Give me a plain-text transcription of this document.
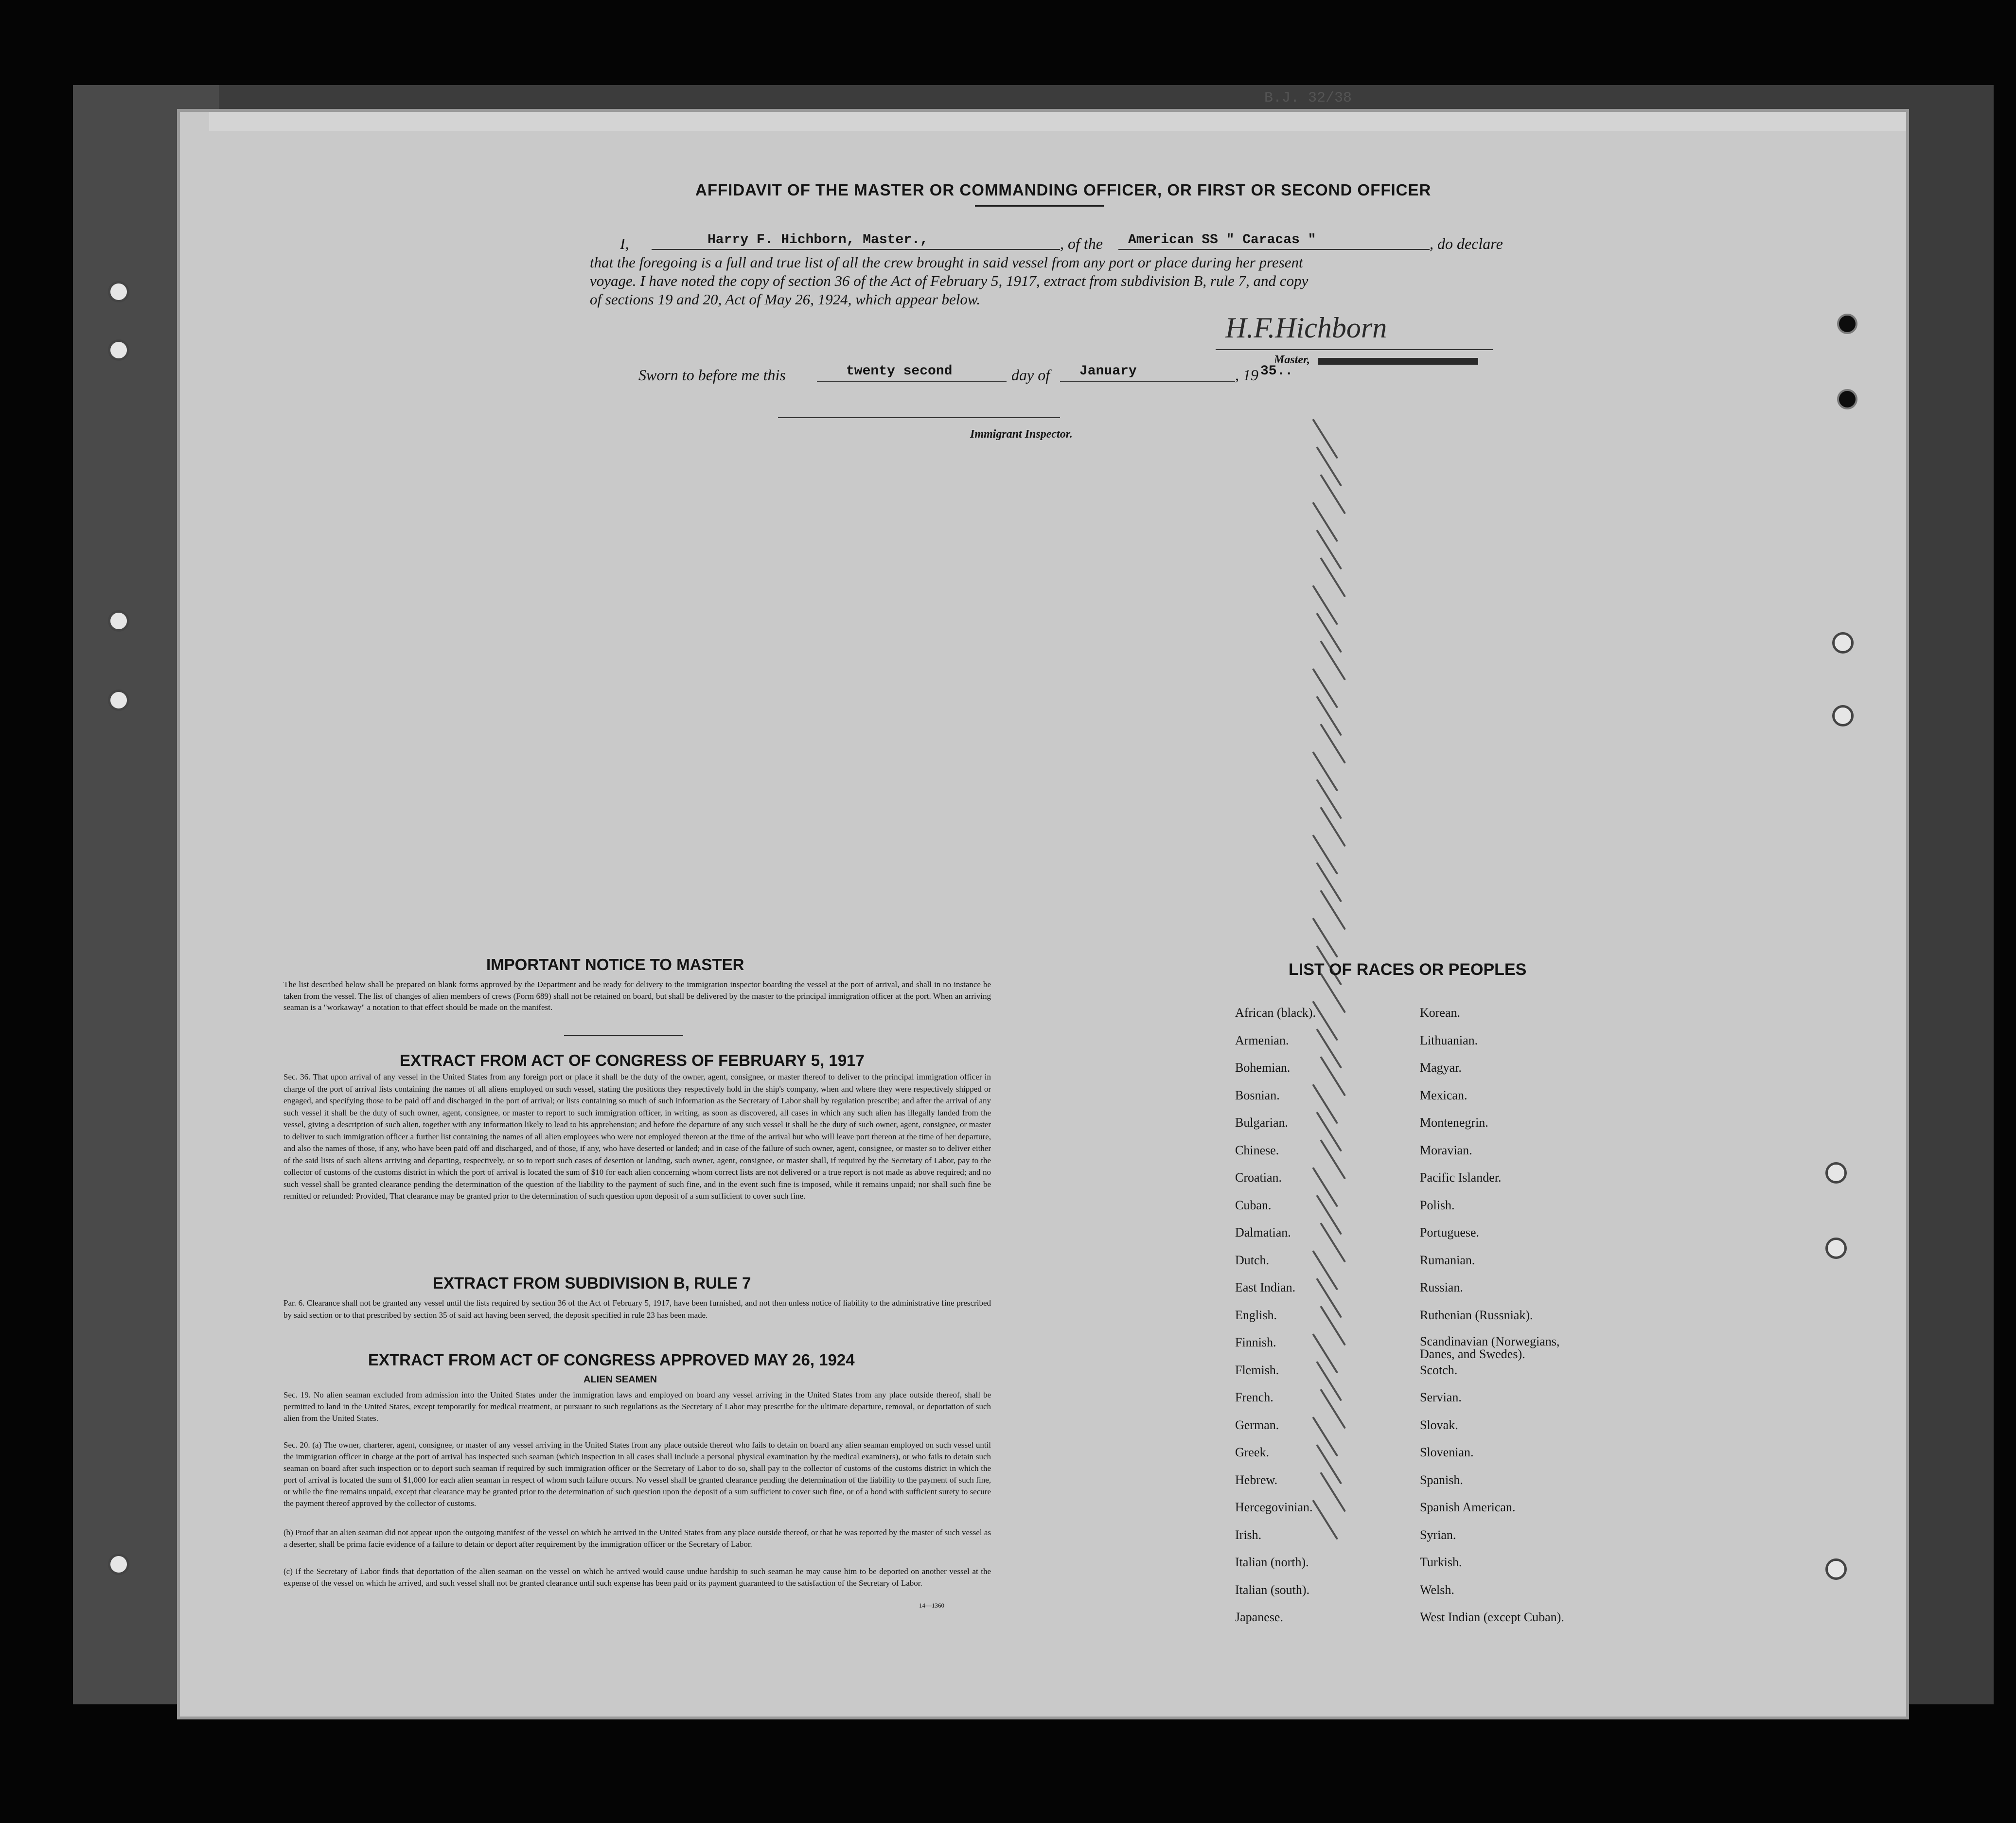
B.J. 32/38
AFFIDAVIT OF THE MASTER OR COMMANDING OFFICER, OR FIRST OR SECOND OFFICER
I,	Harry F. Hichborn, Master.,	, of the American SS " Caracas "	, do declare
that the foregoing is a full and true list of all the crew brought in said vessel from any port or place during her present
voyage. I have noted the copy of section 36 of the Act of February 5, 1917, extract from subdivision B, rule 7, and copy
of sections 19 and 20, Act of May 26, 1924, which appear below.
H.F.Hichborn
Master,
Sworn to before me this	twenty second	day of January	, 19 35..
Immigrant Inspector.
IMPORTANT NOTICE TO MASTER
The list described below shall be prepared on blank forms approved by the Department and be ready for delivery to the immigration inspector boarding the vessel at the port of arrival, and shall in no instance be taken from the vessel. The list of changes of alien members of crews (Form 689) shall not be retained on board, but shall be delivered by the master to the principal immigration officer at the port. When an arriving seaman is a "workaway" a notation to that effect should be made on the manifest.
EXTRACT FROM ACT OF CONGRESS OF FEBRUARY 5, 1917
Sec. 36. That upon arrival of any vessel in the United States from any foreign port or place it shall be the duty of the owner, agent, consignee, or master thereof to deliver to the principal immigration officer in charge of the port of arrival lists containing the names of all aliens employed on such vessel, stating the positions they respectively hold in the ship's company, when and where they were respectively shipped or engaged, and specifying those to be paid off and discharged in the port of arrival; or lists containing so much of such information as the Secretary of Labor shall by regulation prescribe; and after the arrival of any such vessel it shall be the duty of such owner, agent, consignee, or master to report to such immigration officer, in writing, as soon as discovered, all cases in which any such alien has illegally landed from the vessel, giving a description of such alien, together with any information likely to lead to his apprehension; and before the departure of any such vessel it shall be the duty of such owner, agent, consignee, or master to deliver to such immigration officer a further list containing the names of all alien employees who were not employed thereon at the time of the arrival but who will leave port thereon at the time of her departure, and also the names of those, if any, who have been paid off and discharged, and of those, if any, who have deserted or landed; and in case of the failure of such owner, agent, consignee, or master so to deliver either of the said lists of such aliens arriving and departing, respectively, or so to report such cases of desertion or landing, such owner, agent, consignee, or master shall, if required by the Secretary of Labor, pay to the collector of customs of the customs district in which the port of arrival is located the sum of $10 for each alien concerning whom correct lists are not delivered or a true report is not made as above required; and no such vessel shall be granted clearance pending the determination of the question of the liability to the payment of such fine, and in the event such fine is imposed, while it remains unpaid; nor shall such fine be remitted or refunded: Provided, That clearance may be granted prior to the determination of such question upon deposit of a sum sufficient to cover such fine.
EXTRACT FROM SUBDIVISION B, RULE 7
Par. 6. Clearance shall not be granted any vessel until the lists required by section 36 of the Act of February 5, 1917, have been furnished, and not then unless notice of liability to the administrative fine prescribed by said section or to that prescribed by section 35 of said act having been served, the deposit specified in rule 23 has been made.
EXTRACT FROM ACT OF CONGRESS APPROVED MAY 26, 1924
ALIEN SEAMEN
Sec. 19. No alien seaman excluded from admission into the United States under the immigration laws and employed on board any vessel arriving in the United States from any place outside thereof, shall be permitted to land in the United States, except temporarily for medical treatment, or pursuant to such regulations as the Secretary of Labor may prescribe for the ultimate departure, removal, or deportation of such alien from the United States.
Sec. 20. (a) The owner, charterer, agent, consignee, or master of any vessel arriving in the United States from any place outside thereof who fails to detain on board any alien seaman employed on such vessel until the immigration officer in charge at the port of arrival has inspected such seaman (which inspection in all cases shall include a personal physical examination by the medical examiners), or who fails to detain such seaman on board after such inspection or to deport such seaman if required by such immigration officer or the Secretary of Labor to do so, shall pay to the collector of customs of the customs district in which the port of arrival is located the sum of $1,000 for each alien seaman in respect of whom such failure occurs. No vessel shall be granted clearance pending the determination of the liability to the payment of such fine, or while the fine remains unpaid, except that clearance may be granted prior to the determination of such question upon the deposit of a sum sufficient to cover such fine, or of a bond with sufficient surety to secure the payment thereof approved by the collector of customs.
(b) Proof that an alien seaman did not appear upon the outgoing manifest of the vessel on which he arrived in the United States from any place outside thereof, or that he was reported by the master of such vessel as a deserter, shall be prima facie evidence of a failure to detain or deport after requirement by the immigration officer or the Secretary of Labor.
(c) If the Secretary of Labor finds that deportation of the alien seaman on the vessel on which he arrived would cause undue hardship to such seaman he may cause him to be deported on another vessel at the expense of the vessel on which he arrived, and such vessel shall not be granted clearance until such expense has been paid or its payment guaranteed to the satisfaction of the Secretary of Labor.
14—1360
LIST OF RACES OR PEOPLES
African (black).
Armenian.
Bohemian.
Bosnian.
Bulgarian.
Chinese.
Croatian.
Cuban.
Dalmatian.
Dutch.
East Indian.
English.
Finnish.
Flemish.
French.
German.
Greek.
Hebrew.
Hercegovinian.
Irish.
Italian (north).
Italian (south).
Japanese.
Korean.
Lithuanian.
Magyar.
Mexican.
Montenegrin.
Moravian.
Pacific Islander.
Polish.
Portuguese.
Rumanian.
Russian.
Ruthenian (Russniak).
Scandinavian (Norwegians, Danes, and Swedes).
Scotch.
Servian.
Slovak.
Slovenian.
Spanish.
Spanish American.
Syrian.
Turkish.
Welsh.
West Indian (except Cuban).
